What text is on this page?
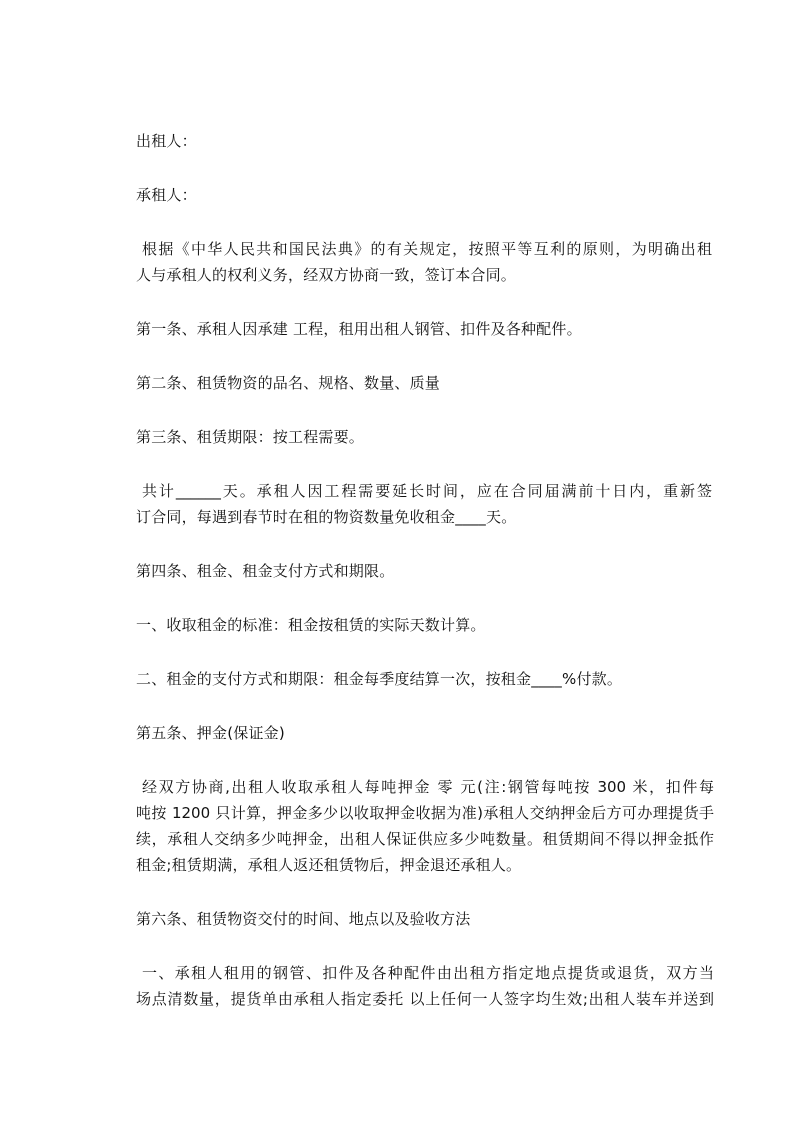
出租人：
承租人：
根据《中华人民共和国民法典》的有关规定，按照平等互利的原则，为明确出租
人与承租人的权利义务，经双方协商一致，签订本合同。
第一条、承租人因承建 工程，租用出租人钢管、扣件及各种配件。
第二条、租赁物资的品名、规格、数量、质量
第三条、租赁期限：按工程需要。
共计______天。承租人因工程需要延长时间，应在合同届满前十日内，重新签
订合同，每遇到春节时在租的物资数量免收租金____天。
第四条、租金、租金支付方式和期限。
一、收取租金的标准：租金按租赁的实际天数计算。
二、租金的支付方式和期限：租金每季度结算一次，按租金____%付款。
第五条、押金(保证金)
经双方协商,出租人收取承租人每吨押金 零 元(注:钢管每吨按 300 米，扣件每
吨按 1200 只计算，押金多少以收取押金收据为准)承租人交纳押金后方可办理提货手
续，承租人交纳多少吨押金，出租人保证供应多少吨数量。租赁期间不得以押金抵作
租金;租赁期满，承租人返还租赁物后，押金退还承租人。
第六条、租赁物资交付的时间、地点以及验收方法
一、承租人租用的钢管、扣件及各种配件由出租方指定地点提货或退货，双方当
场点清数量，提货单由承租人指定委托 以上任何一人签字均生效;出租人装车并送到
